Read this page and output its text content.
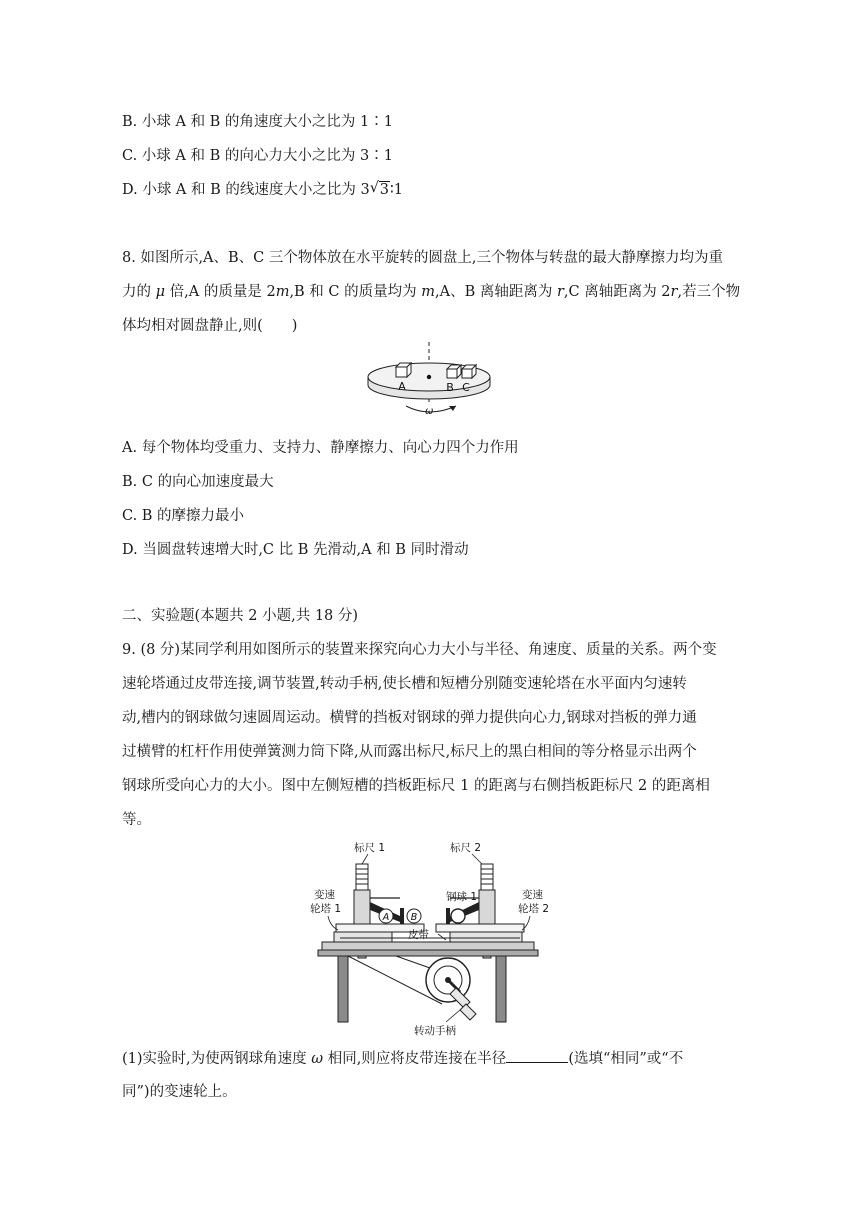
B. 小球 A 和 B 的角速度大小之比为 1∶1
C. 小球 A 和 B 的向心力大小之比为 3∶1
D. 小球 A 和 B 的线速度大小之比为 3 √ 3∶1
8. 如图所示,A、B、C 三个物体放在水平旋转的圆盘上,三个物体与转盘的最大静摩擦力均为重
力的 μ 倍,A 的质量是 2m,B 和 C 的质量均为 m,A、B 离轴距离为 r,C 离轴距离为 2r,若三个物
体均相对圆盘静止,则(　　)
A	B C
ω
A. 每个物体均受重力、支持力、静摩擦力、向心力四个力作用
B. C 的向心加速度最大
C. B 的摩擦力最小
D. 当圆盘转速增大时,C 比 B 先滑动,A 和 B 同时滑动
二、实验题(本题共 2 小题,共 18 分)
9. (8 分)某同学利用如图所示的装置来探究向心力大小与半径、角速度、质量的关系。两个变
速轮塔通过皮带连接,调节装置,转动手柄,使长槽和短槽分别随变速轮塔在水平面内匀速转
动,槽内的钢球做匀速圆周运动。横臂的挡板对钢球的弹力提供向心力,钢球对挡板的弹力通
过横臂的杠杆作用使弹簧测力筒下降,从而露出标尺,标尺上的黑白相间的等分格显示出两个
钢球所受向心力的大小。图中左侧短槽的挡板距标尺 1 的距离与右侧挡板距标尺 2 的距离相
等。
标尺 1	标尺 2
A B
钢球 1
变速
轮塔 1
变速
轮塔 2
皮带
转动手柄
(1)实验时,为使两钢球角速度 ω 相同,则应将皮带连接在半径	(选填“相同”或“不
同”)的变速轮上。
